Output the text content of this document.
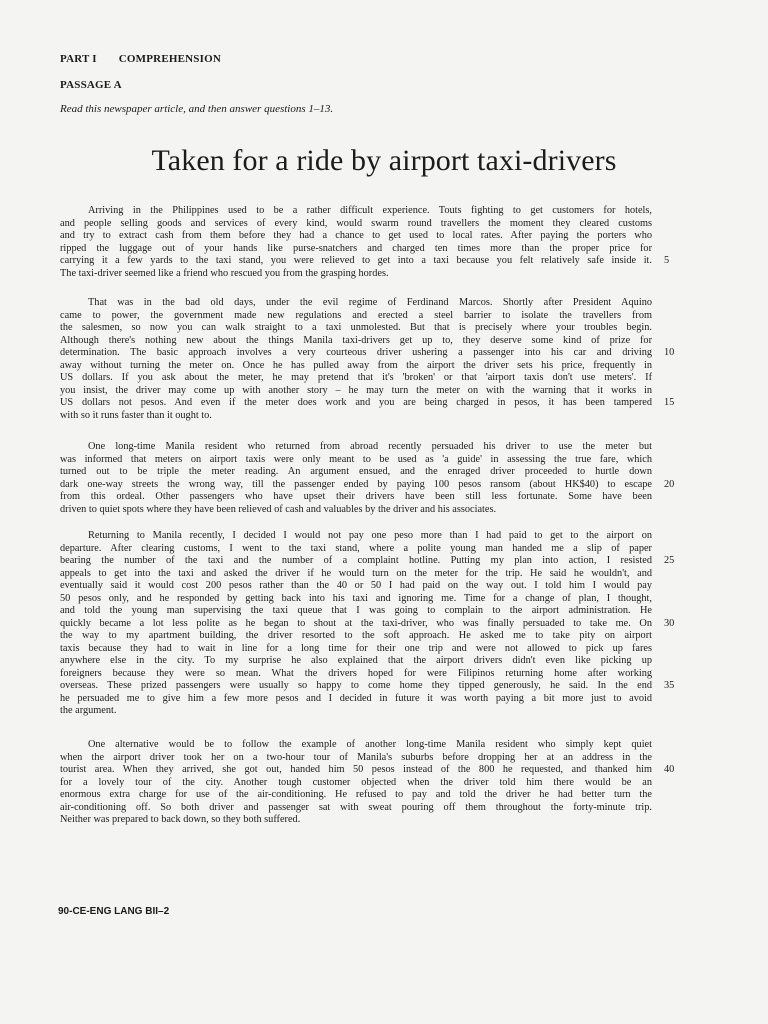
PART I COMPREHENSION
PASSAGE A
Read this newspaper article, and then answer questions 1–13.
Taken for a ride by airport taxi-drivers
Arriving in the Philippines used to be a rather difficult experience. Touts fighting to get customers for hotels,
and people selling goods and services of every kind, would swarm round travellers the moment they cleared customs
and try to extract cash from them before they had a chance to get used to local rates. After paying the porters who
ripped the luggage out of your hands like purse-snatchers and charged ten times more than the proper price for
carrying it a few yards to the taxi stand, you were relieved to get into a taxi because you felt relatively safe inside it.
The taxi-driver seemed like a friend who rescued you from the grasping hordes.
That was in the bad old days, under the evil regime of Ferdinand Marcos. Shortly after President Aquino
came to power, the government made new regulations and erected a steel barrier to isolate the travellers from
the salesmen, so now you can walk straight to a taxi unmolested. But that is precisely where your troubles begin.
Although there's nothing new about the things Manila taxi-drivers get up to, they deserve some kind of prize for
determination. The basic approach involves a very courteous driver ushering a passenger into his car and driving
away without turning the meter on. Once he has pulled away from the airport the driver sets his price, frequently in
US dollars. If you ask about the meter, he may pretend that it's 'broken' or that 'airport taxis don't use meters'. If
you insist, the driver may come up with another story – he may turn the meter on with the warning that it works in
US dollars not pesos. And even if the meter does work and you are being charged in pesos, it has been tampered
with so it runs faster than it ought to.
One long-time Manila resident who returned from abroad recently persuaded his driver to use the meter but
was informed that meters on airport taxis were only meant to be used as 'a guide' in assessing the true fare, which
turned out to be triple the meter reading. An argument ensued, and the enraged driver proceeded to hurtle down
dark one-way streets the wrong way, till the passenger ended by paying 100 pesos ransom (about HK$40) to escape
from this ordeal. Other passengers who have upset their drivers have been still less fortunate. Some have been
driven to quiet spots where they have been relieved of cash and valuables by the driver and his associates.
Returning to Manila recently, I decided I would not pay one peso more than I had paid to get to the airport on
departure. After clearing customs, I went to the taxi stand, where a polite young man handed me a slip of paper
bearing the number of the taxi and the number of a complaint hotline. Putting my plan into action, I resisted
appeals to get into the taxi and asked the driver if he would turn on the meter for the trip. He said he wouldn't, and
eventually said it would cost 200 pesos rather than the 40 or 50 I had paid on the way out. I told him I would pay
50 pesos only, and he responded by getting back into his taxi and ignoring me. Time for a change of plan, I thought,
and told the young man supervising the taxi queue that I was going to complain to the airport administration. He
quickly became a lot less polite as he began to shout at the taxi-driver, who was finally persuaded to take me. On
the way to my apartment building, the driver resorted to the soft approach. He asked me to take pity on airport
taxis because they had to wait in line for a long time for their one trip and were not allowed to pick up fares
anywhere else in the city. To my surprise he also explained that the airport drivers didn't even like picking up
foreigners because they were so mean. What the drivers hoped for were Filipinos returning home after working
overseas. These prized passengers were usually so happy to come home they tipped generously, he said. In the end
he persuaded me to give him a few more pesos and I decided in future it was worth paying a bit more just to avoid
the argument.
One alternative would be to follow the example of another long-time Manila resident who simply kept quiet
when the airport driver took her on a two-hour tour of Manila's suburbs before dropping her at an address in the
tourist area. When they arrived, she got out, handed him 50 pesos instead of the 800 he requested, and thanked him
for a lovely tour of the city. Another tough customer objected when the driver told him there would be an
enormous extra charge for use of the air-conditioning. He refused to pay and told the driver he had better turn the
air-conditioning off. So both driver and passenger sat with sweat pouring off them throughout the forty-minute trip.
Neither was prepared to back down, so they both suffered.
5
10
15
20
25
30
35
40
90-CE-ENG LANG BII–2
